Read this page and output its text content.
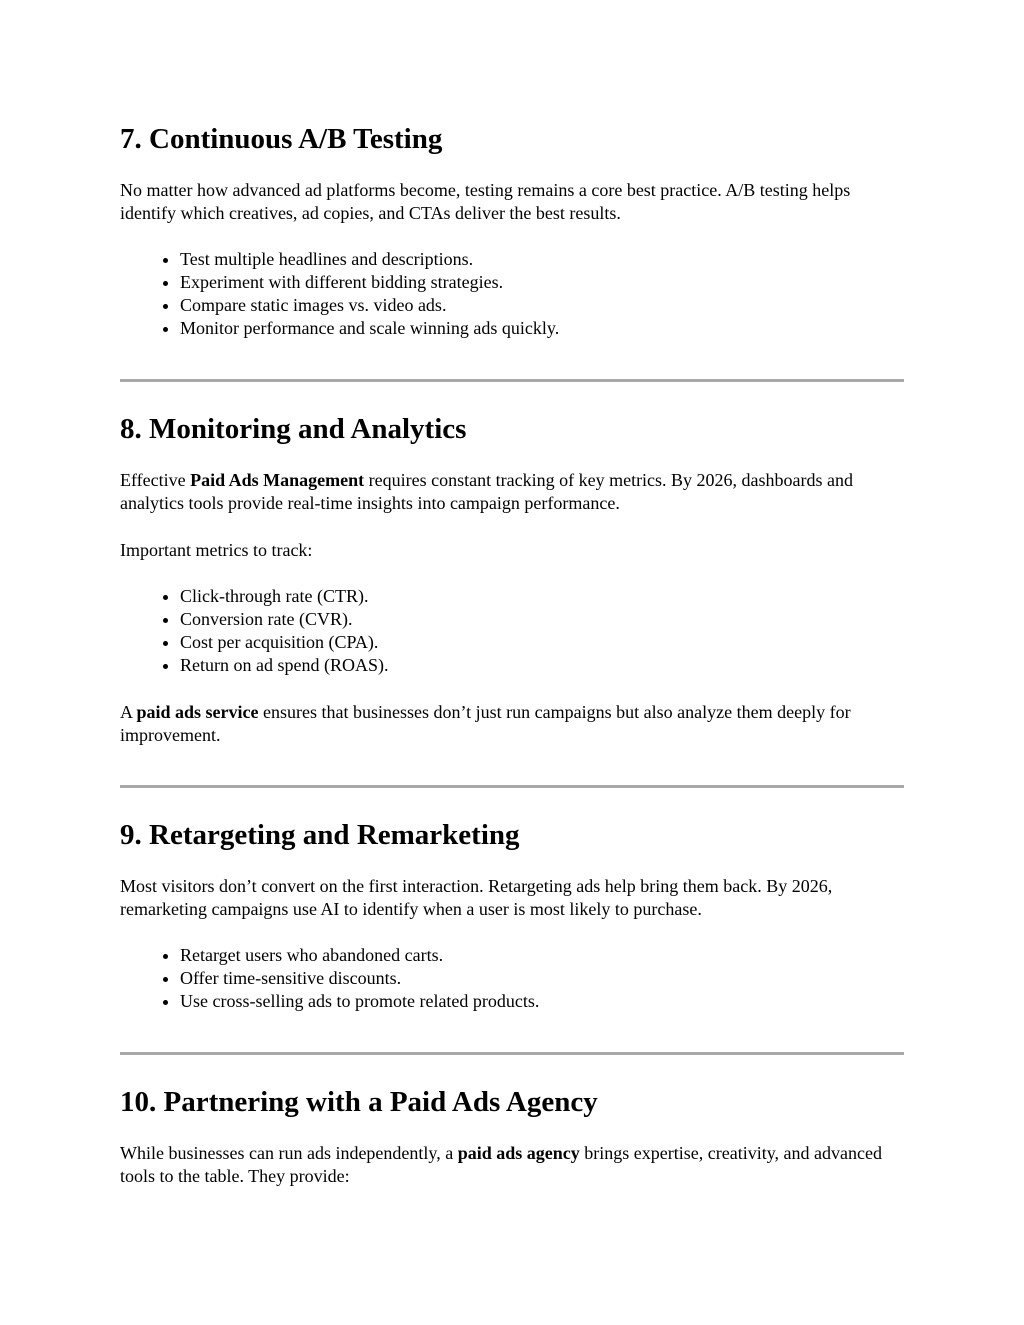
7. Continuous A/B Testing

No matter how advanced ad platforms become, testing remains a core best practice. A/B testing helps identify which creatives, ad copies, and CTAs deliver the best results.

• Test multiple headlines and descriptions.
• Experiment with different bidding strategies.
• Compare static images vs. video ads.
• Monitor performance and scale winning ads quickly.
8. Monitoring and Analytics

Effective Paid Ads Management requires constant tracking of key metrics. By 2026, dashboards and analytics tools provide real-time insights into campaign performance.

Important metrics to track:

• Click-through rate (CTR).
• Conversion rate (CVR).
• Cost per acquisition (CPA).
• Return on ad spend (ROAS).

A paid ads service ensures that businesses don’t just run campaigns but also analyze them deeply for improvement.

9. Retargeting and Remarketing

Most visitors don’t convert on the first interaction. Retargeting ads help bring them back. By 2026, remarketing campaigns use AI to identify when a user is most likely to purchase.

• Retarget users who abandoned carts.
• Offer time-sensitive discounts.
• Use cross-selling ads to promote related products.
10. Partnering with a Paid Ads Agency

While businesses can run ads independently, a paid ads agency brings expertise, creativity, and advanced tools to the table. They provide:
